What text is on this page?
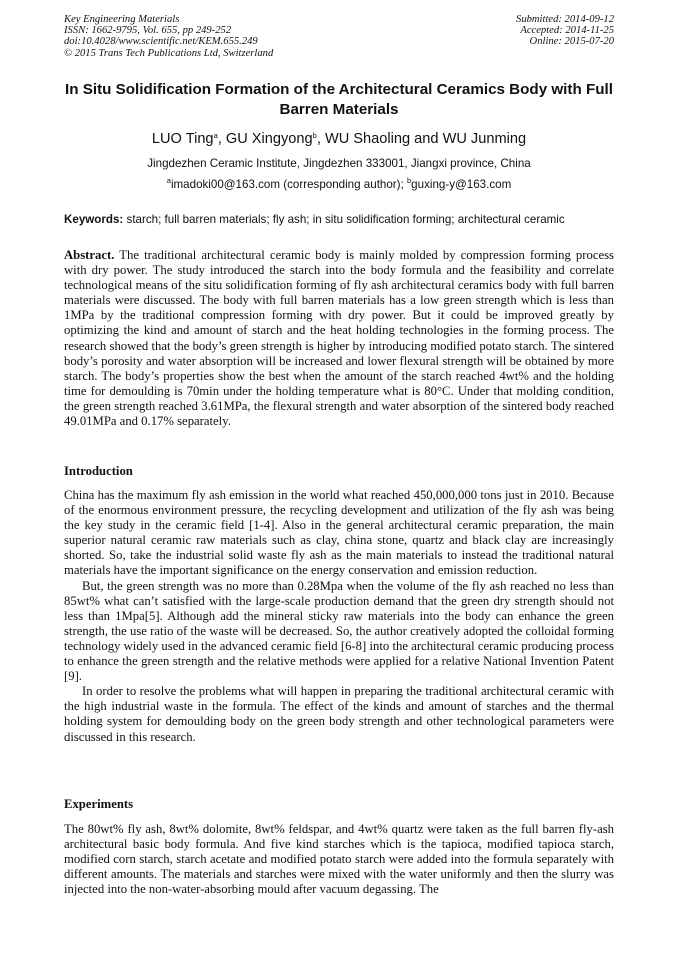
Key Engineering Materials
ISSN: 1662-9795, Vol. 655, pp 249-252
doi:10.4028/www.scientific.net/KEM.655.249
© 2015 Trans Tech Publications Ltd, Switzerland
Submitted: 2014-09-12
Accepted: 2014-11-25
Online: 2015-07-20
In Situ Solidification Formation of the Architectural Ceramics Body with Full Barren Materials
LUO Ting$^a$, GU Xingyong$^b$, WU Shaoling and WU Junming
Jingdezhen Ceramic Institute, Jingdezhen 333001, Jiangxi province, China
$^a$imadoki00@163.com (corresponding author); $^b$guxing-y@163.com
Keywords: starch; full barren materials; fly ash; in situ solidification forming; architectural ceramic
Abstract. The traditional architectural ceramic body is mainly molded by compression forming process with dry power. The study introduced the starch into the body formula and the feasibility and correlate technological means of the situ solidification forming of fly ash architectural ceramics body with full barren materials were discussed. The body with full barren materials has a low green strength which is less than 1MPa by the traditional compression forming with dry power. But it could be improved greatly by optimizing the kind and amount of starch and the heat holding technologies in the forming process. The research showed that the body’s green strength is higher by introducing modified potato starch. The sintered body’s porosity and water absorption will be increased and lower flexural strength will be obtained by more starch. The body’s properties show the best when the amount of the starch reached 4wt% and the holding time for demoulding is 70min under the holding temperature what is 80°C. Under that molding condition, the green strength reached 3.61MPa, the flexural strength and water absorption of the sintered body reached 49.01MPa and 0.17% separately.
Introduction

China has the maximum fly ash emission in the world what reached 450,000,000 tons just in 2010. Because of the enormous environment pressure, the recycling development and utilization of the fly ash was being the key study in the ceramic field [1-4]. Also in the general architectural ceramic preparation, the main superior natural ceramic raw materials such as clay, china stone, quartz and black clay are increasingly shorted. So, take the industrial solid waste fly ash as the main materials to instead the traditional natural materials have the important significance on the energy conservation and emission reduction.

But, the green strength was no more than 0.28Mpa when the volume of the fly ash reached no less than 85wt% what can’t satisfied with the large-scale production demand that the green dry strength should not less than 1Mpa[5]. Although add the mineral sticky raw materials into the body can enhance the green strength, the use ratio of the waste will be decreased. So, the author creatively adopted the colloidal forming technology widely used in the advanced ceramic field [6-8] into the architectural ceramic producing process to enhance the green strength and the relative methods were applied for a relative National Invention Patent [9].

In order to resolve the problems what will happen in preparing the traditional architectural ceramic with the high industrial waste in the formula. The effect of the kinds and amount of starches and the thermal holding system for demoulding body on the green body strength and other technological parameters were discussed in this research.

Experiments

The 80wt% fly ash, 8wt% dolomite, 8wt% feldspar, and 4wt% quartz were taken as the full barren fly-ash architectural basic body formula. And five kind starches which is the tapioca, modified tapioca starch, modified corn starch, starch acetate and modified potato starch were added into the formula separately with different amounts. The materials and starches were mixed with the water uniformly and then the slurry was injected into the non-water-absorbing mould after vacuum degassing. The
